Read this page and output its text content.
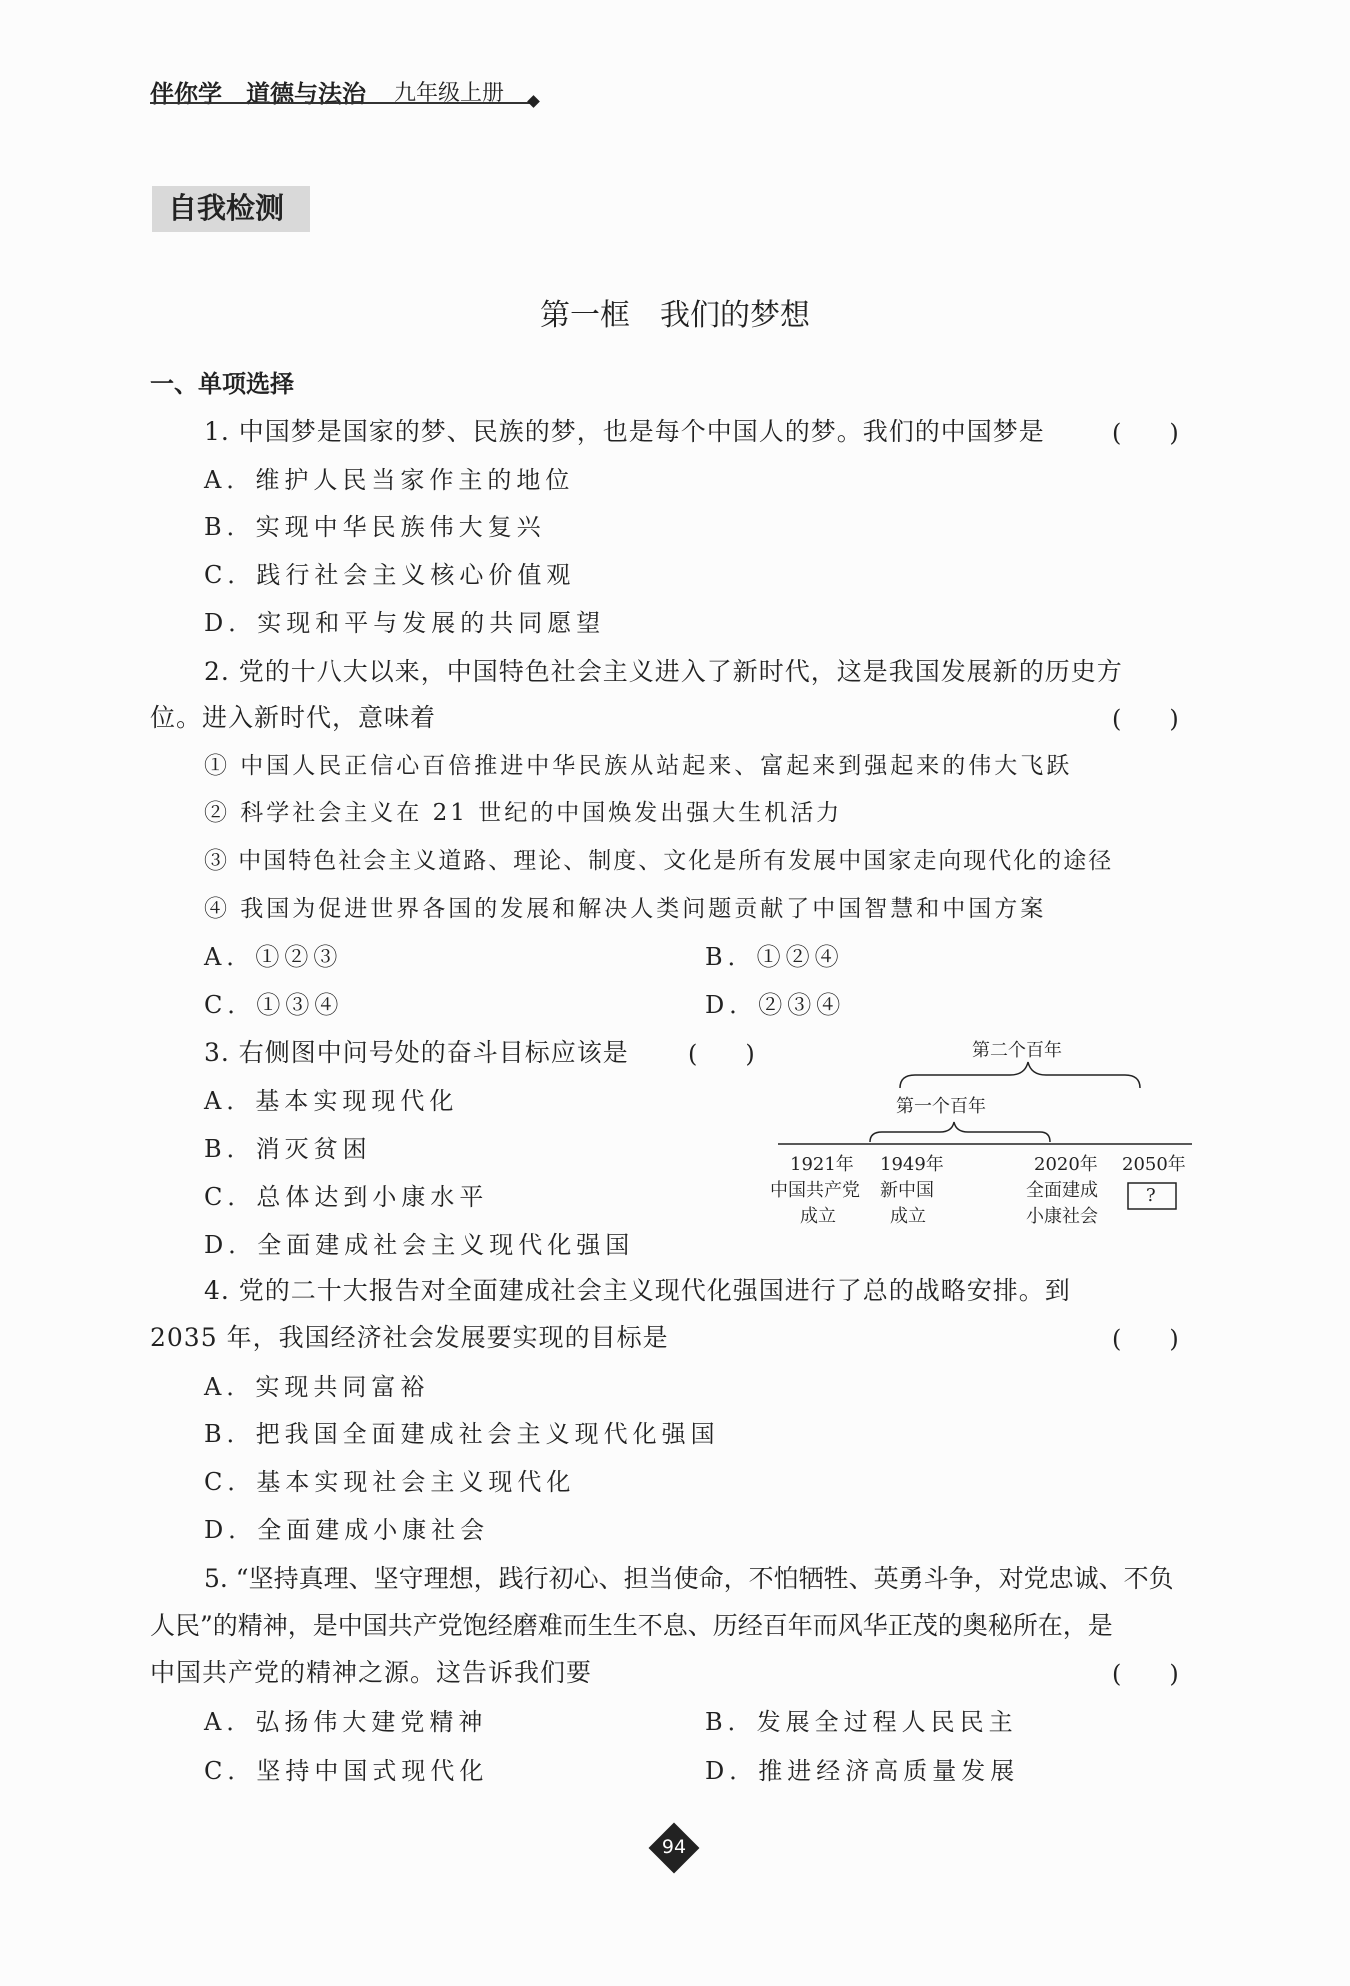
伴你学 道德与法治 九年级上册
自我检测
第一框　我们的梦想
一、单项选择
1. 中国梦是国家的梦、民族的梦，也是每个中国人的梦。我们的中国梦是	(　　)
A．维护人民当家作主的地位
B．实现中华民族伟大复兴
C．践行社会主义核心价值观
D．实现和平与发展的共同愿望
2. 党的十八大以来，中国特色社会主义进入了新时代，这是我国发展新的历史方
位。进入新时代，意味着	(　　)
① 中国人民正信心百倍推进中华民族从站起来、富起来到强起来的伟大飞跃
② 科学社会主义在 21 世纪的中国焕发出强大生机活力
③ 中国特色社会主义道路、理论、制度、文化是所有发展中国家走向现代化的途径
④ 我国为促进世界各国的发展和解决人类问题贡献了中国智慧和中国方案
A．①②③	B．①②④
C．①③④	D．②③④
3. 右侧图中问号处的奋斗目标应该是 (　　)
A．基本实现现代化
B．消灭贫困
C．总体达到小康水平
D．全面建成社会主义现代化强国
第二个百年
第一个百年
1921年
中国共产党
成立
1949年
新中国
成立
2020年
全面建成
小康社会
2050年
?
4. 党的二十大报告对全面建成社会主义现代化强国进行了总的战略安排。到
2035 年，我国经济社会发展要实现的目标是	(　　)
A．实现共同富裕
B．把我国全面建成社会主义现代化强国
C．基本实现社会主义现代化
D．全面建成小康社会
5. “坚持真理、坚守理想，践行初心、担当使命，不怕牺牲、英勇斗争，对党忠诚、不负
人民”的精神，是中国共产党饱经磨难而生生不息、历经百年而风华正茂的奥秘所在，是
中国共产党的精神之源。这告诉我们要	(　　)
A．弘扬伟大建党精神	B．发展全过程人民民主
C．坚持中国式现代化	D．推进经济高质量发展
94
